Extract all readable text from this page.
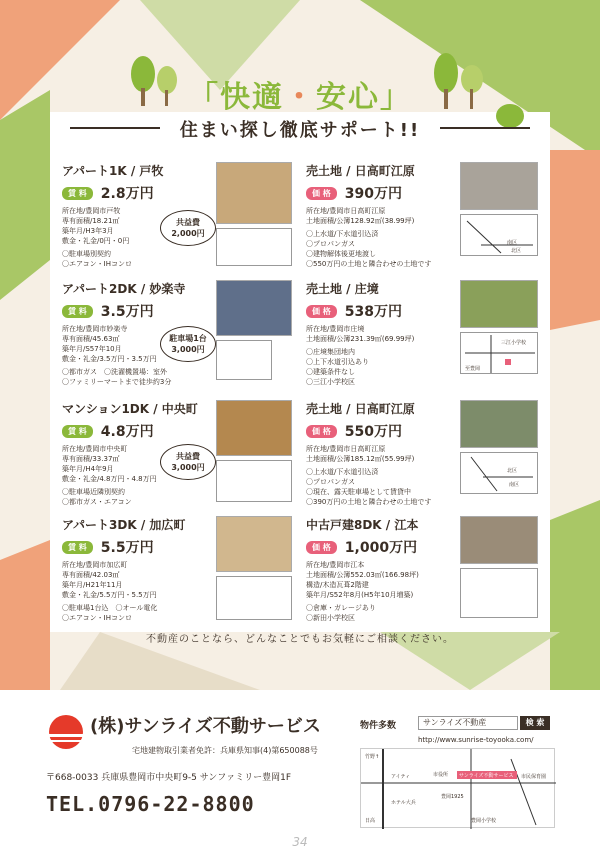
「快適・安心」
住まい探し徹底サポート!!
アパート1K / 戸牧
賃 料	2.8万円
所在地/豊岡市戸牧
専有面積/18.21㎡
築年月/H3年3月
敷金・礼金/0円・0円
〇駐車場別契約
〇エアコン・IHコンロ
共益費
2,000円
アパート2DK / 妙楽寺
賃 料	3.5万円
所在地/豊岡市妙楽寺
専有面積/45.63㎡
築年月/S57年10月
敷金・礼金/3.5万円・3.5万円
〇都市ガス　〇洗濯機置場：室外
〇ファミリーマートまで徒歩約3分
駐車場1台
3,000円
マンション1DK / 中央町
賃 料	4.8万円
所在地/豊岡市中央町
専有面積/33.37㎡
築年月/H4年9月
敷金・礼金/4.8万円・4.8万円
〇駐車場近隣別契約
〇都市ガス・エアコン
共益費
3,000円
アパート3DK / 加広町
賃 料	5.5万円
所在地/豊岡市加広町
専有面積/42.03㎡
築年月/H21年11月
敷金・礼金/5.5万円・5.5万円
〇駐車場1台込　〇オール電化
〇エアコン・IHコンロ
売土地 / 日高町江原
価 格	390万円
所在地/豊岡市日高町江原
土地面積/公簿128.92㎡(38.99坪)
〇上水道/下水道引込済
〇プロパンガス
〇建物解体後更地渡し
〇550万円の土地と隣合わせの土地です
南区
北区
売土地 / 庄境
価 格	538万円
所在地/豊岡市庄境
土地面積/公簿231.39㎡(69.99坪)
〇庄境集団地内
〇上下水道引込あり
〇建築条件なし
〇三江小学校区
三江小学校
至豊岡
売土地 / 日高町江原
価 格	550万円
所在地/豊岡市日高町江原
土地面積/公簿185.12㎡(55.99坪)
〇上水道/下水道引込済
〇プロパンガス
〇現在、露天駐車場として賃貸中
〇390万円の土地と隣合わせの土地です
北区
南区
中古戸建8DK / 江本
価 格	1,000万円
所在地/豊岡市江本
土地面積/公簿552.03㎡(166.98坪)
構造/木造瓦葺2階建
築年月/S52年8月(H5年10月増築)
〇倉庫・ガレージあり
〇新田小学校区
不動産のことなら、どんなことでもお気軽にご相談ください。
(株)サンライズ不動サービス
宅地建物取引業者免許：兵庫県知事(4)第650088号
〒668-0033 兵庫県豊岡市中央町9-5 サンファミリー豊岡1F
TEL.0796-22-8800
物件多数	サンライズ不動産	検 索
http://www.sunrise-toyooka.com/
竹野↑
アイティ	市役所 サンライズ不動サービス 市民保育園
豊岡1925
ホテル大兵
日高	豊岡小学校
34
